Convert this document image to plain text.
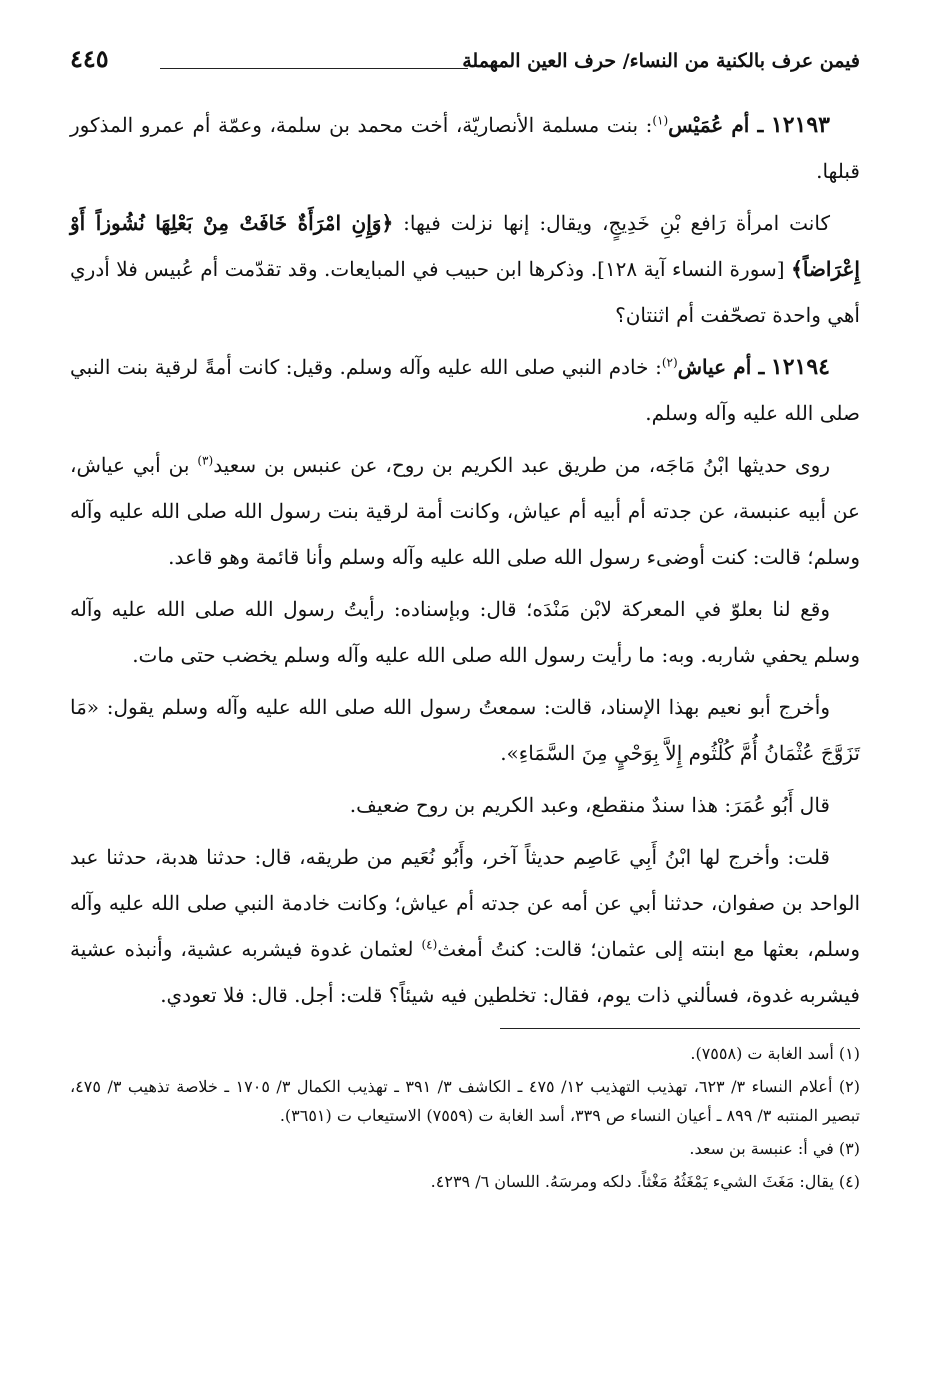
فيمن عرف بالكنية من النساء/ حرف العين المهملة
٤٤٥

١٢١٩٣ ـ أم عُمَيْس$^{(١)}$: بنت مسلمة الأنصاريّة، أخت محمد بن سلمة، وعمّة أم عمرو المذكور قبلها.

كانت امرأة رَافع بْنِ خَدِيجٍ، ويقال: إنها نزلت فيها: ﴿وَإِنِ امْرَأَةٌ خَافَتْ مِنْ بَعْلِهَا نُشُوزاً أَوْ إِعْرَاضاً﴾ [سورة النساء آية ١٢٨]. وذكرها ابن حبيب في المبايعات. وقد تقدّمت أم عُبيس فلا أدري أهي واحدة تصحّفت أم اثنتان؟

١٢١٩٤ ـ أم عياش$^{(٢)}$: خادم النبي صلى الله عليه وآله وسلم. وقيل: كانت أمةً لرقية بنت النبي صلى الله عليه وآله وسلم.

روى حديثها ابْنُ مَاجَه، من طريق عبد الكريم بن روح، عن عنبس بن سعيد$^{(٣)}$ بن أبي عياش، عن أبيه عنبسة، عن جدته أم أبيه أم عياش، وكانت أمة لرقية بنت رسول الله صلى الله عليه وآله وسلم؛ قالت: كنت أوضىء رسول الله صلى الله عليه وآله وسلم وأنا قائمة وهو قاعد.

وقع لنا بعلوّ في المعركة لابْن مَنْدَه؛ قال: وبإسناده: رأيتُ رسول الله صلى الله عليه وآله وسلم يحفي شاربه. وبه: ما رأيت رسول الله صلى الله عليه وآله وسلم يخضب حتى مات.

وأخرج أبو نعيم بهذا الإسناد، قالت: سمعتُ رسول الله صلى الله عليه وآله وسلم يقول: «مَا تَزَوَّجَ عُثْمَانُ أُمَّ كُلْثُوم إِلاَّ بِوَحْيٍ مِنَ السَّمَاءِ».

قال أَبُو عُمَرَ: هذا سندٌ منقطع، وعبد الكريم بن روح ضعيف.

قلت: وأخرج لها ابْنُ أَبِي عَاصِم حديثاً آخر، وأَبُو نُعَيم من طريقه، قال: حدثنا هدبة، حدثنا عبد الواحد بن صفوان، حدثنا أبي عن أمه عن جدته أم عياش؛ وكانت خادمة النبي صلى الله عليه وآله وسلم، بعثها مع ابنته إلى عثمان؛ قالت: كنتُ أمغث$^{(٤)}$ لعثمان غدوة فيشربه عشية، وأنبذه عشية فيشربه غدوة، فسألني ذات يوم، فقال: تخلطين فيه شيئاً؟ قلت: أجل. قال: فلا تعودي.

(١) أسد الغابة ت (٧٥٥٨).

(٢) أعلام النساء ٣/ ٦٢٣، تهذيب التهذيب ١٢/ ٤٧٥ ـ الكاشف ٣/ ٣٩١ ـ تهذيب الكمال ٣/ ١٧٠٥ ـ خلاصة تذهيب ٣/ ٤٧٥، تبصير المنتبه ٣/ ٨٩٩ ـ أعيان النساء ص ٣٣٩، أسد الغابة ت (٧٥٥٩) الاستيعاب ت (٣٦٥١).

(٣) في أ: عنبسة بن سعد.

(٤) يقال: مَغَثَ الشيء يَمْغَثُهُ مَغْثاً. دلكه ومرسَهُ. اللسان ٦/ ٤٢٣٩.
